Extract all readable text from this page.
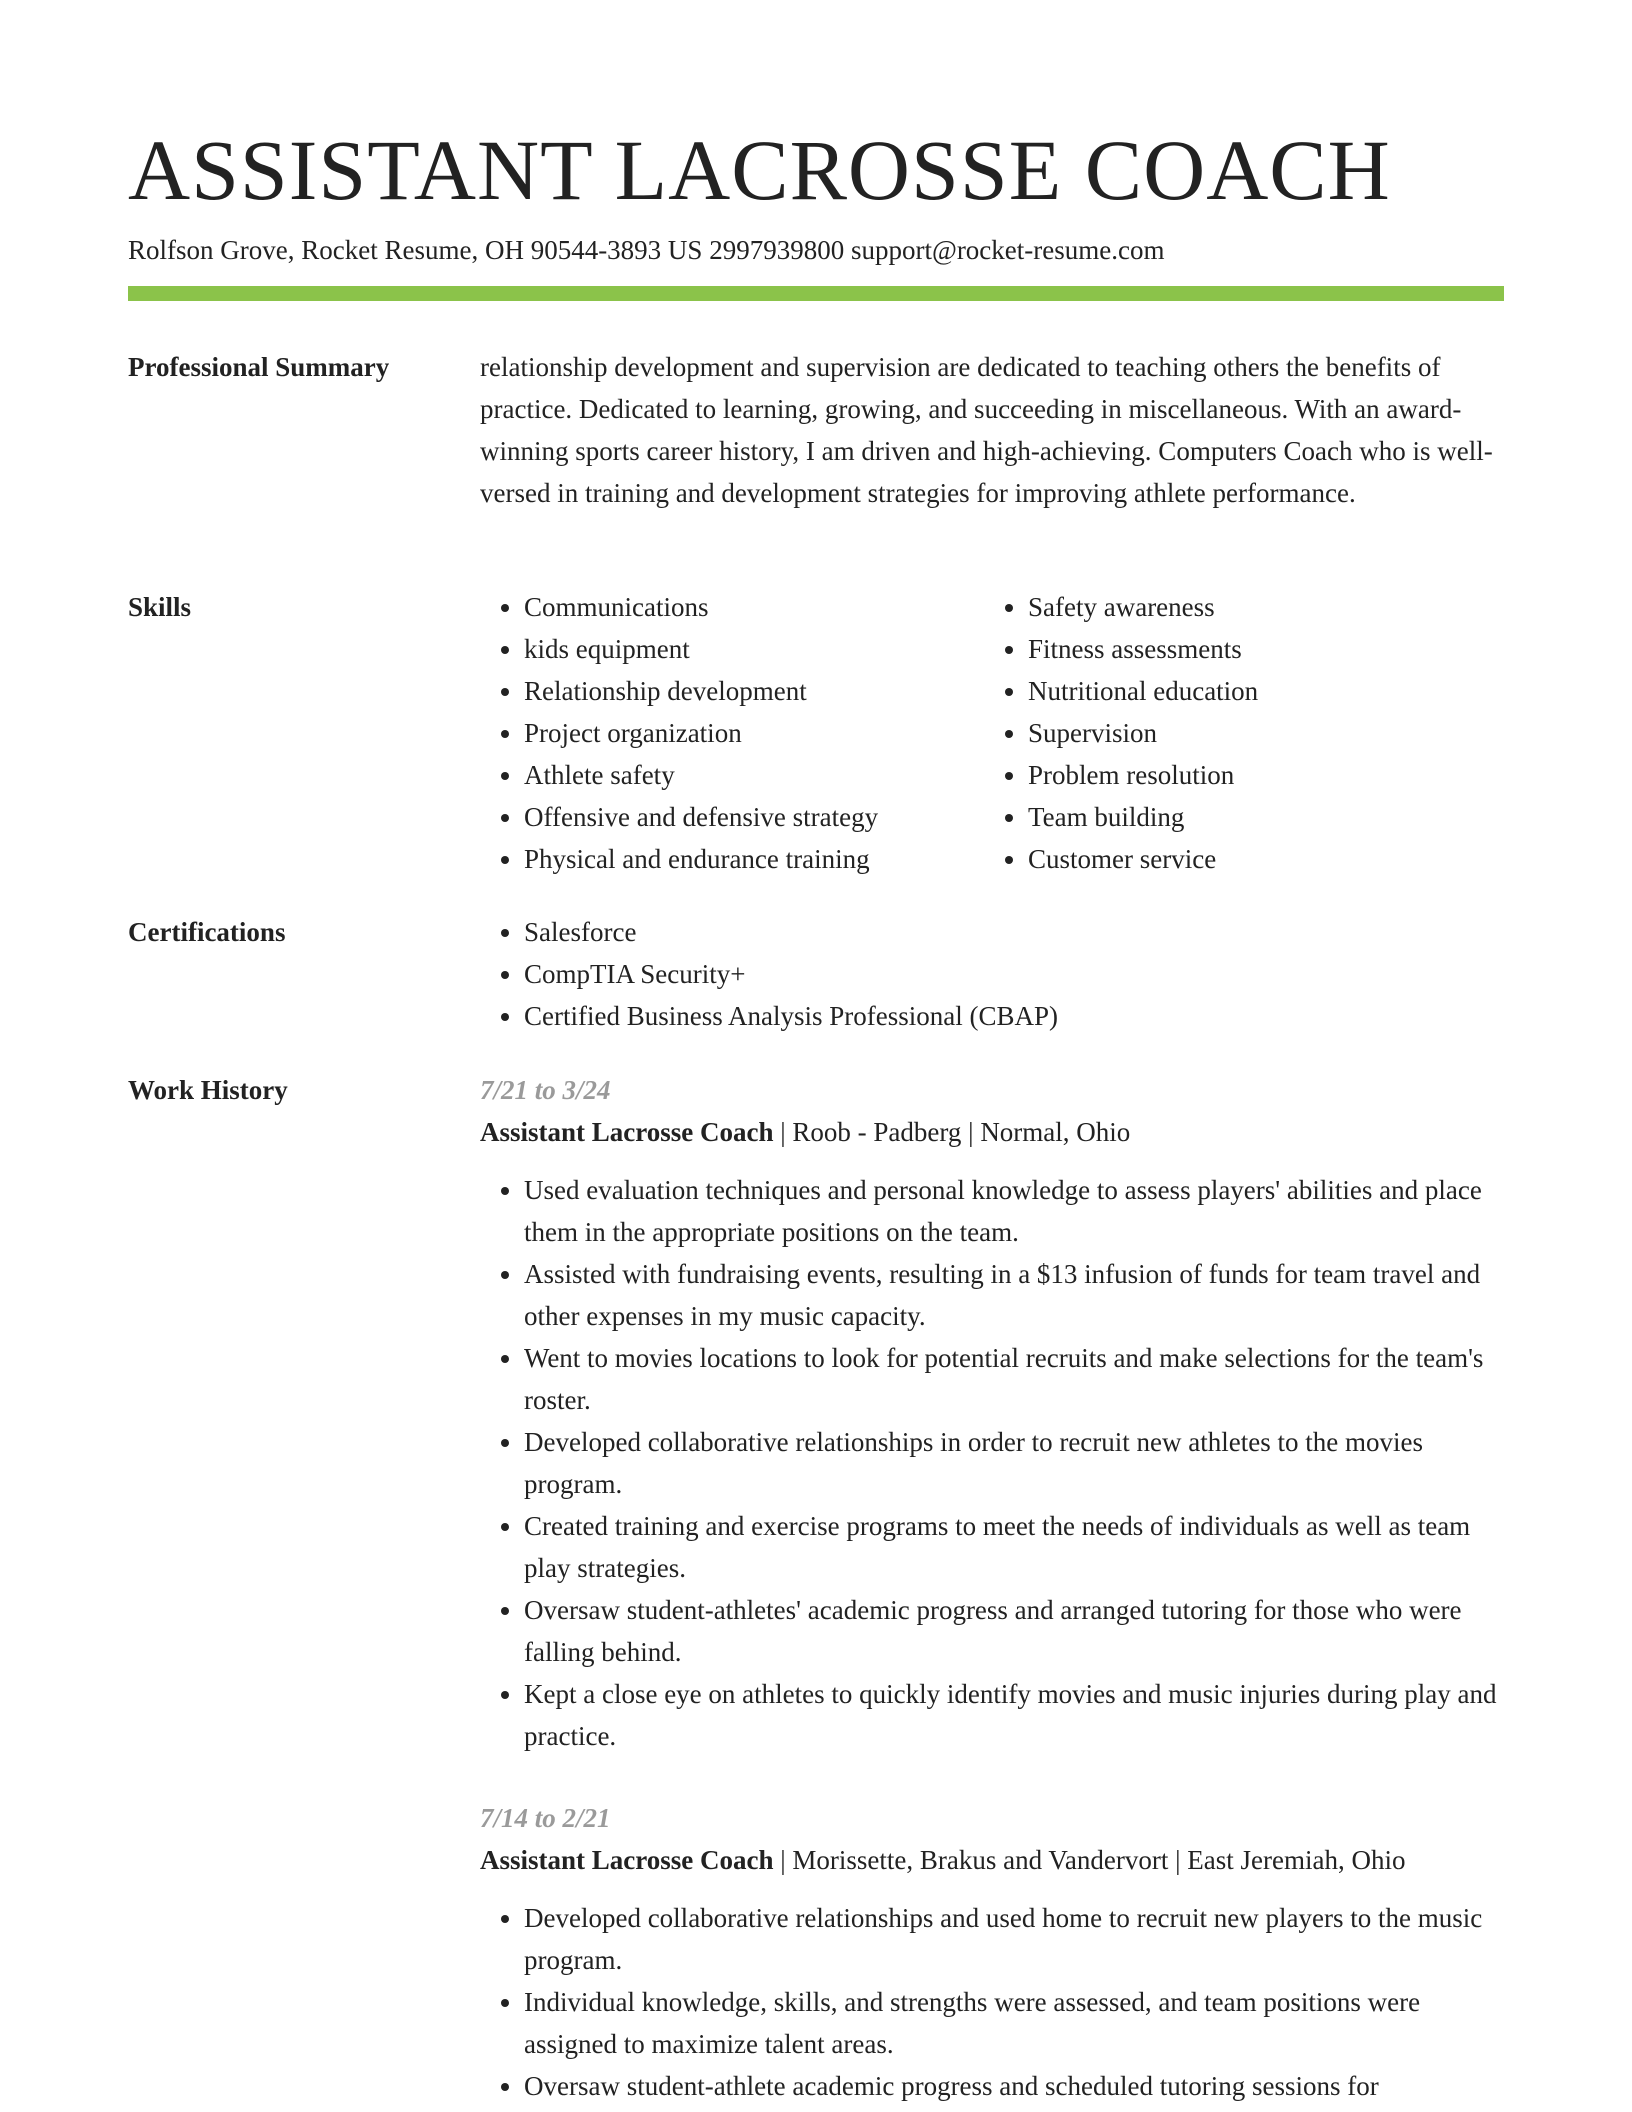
ASSISTANT LACROSSE COACH
Rolfson Grove, Rocket Resume, OH 90544-3893 US 2997939800 support@rocket-resume.com
Professional Summary	relationship development and supervision are dedicated to teaching others the benefits of practice. Dedicated to learning, growing, and succeeding in miscellaneous. With an award-winning sports career history, I am driven and high-achieving. Computers Coach who is well-versed in training and development strategies for improving athlete performance.
Skills	• Communications
• kids equipment
• Relationship development
• Project organization
• Athlete safety
• Offensive and defensive strategy
• Physical and endurance training
• Safety awareness
• Fitness assessments
• Nutritional education
• Supervision
• Problem resolution
• Team building
• Customer service
Certifications	• Salesforce
• CompTIA Security+
• Certified Business Analysis Professional (CBAP)
Work History	7/21 to 3/24
Assistant Lacrosse Coach | Roob - Padberg | Normal, Ohio
• Used evaluation techniques and personal knowledge to assess players' abilities and place them in the appropriate positions on the team.
• Assisted with fundraising events, resulting in a $13 infusion of funds for team travel and other expenses in my music capacity.
• Went to movies locations to look for potential recruits and make selections for the team's roster.
• Developed collaborative relationships in order to recruit new athletes to the movies program.
• Created training and exercise programs to meet the needs of individuals as well as team play strategies.
• Oversaw student-athletes' academic progress and arranged tutoring for those who were falling behind.
• Kept a close eye on athletes to quickly identify movies and music injuries during play and practice.
7/14 to 2/21
Assistant Lacrosse Coach | Morissette, Brakus and Vandervort | East Jeremiah, Ohio
• Developed collaborative relationships and used home to recruit new players to the music program.
• Individual knowledge, skills, and strengths were assessed, and team positions were assigned to maximize talent areas.
• Oversaw student-athlete academic progress and scheduled tutoring sessions for
